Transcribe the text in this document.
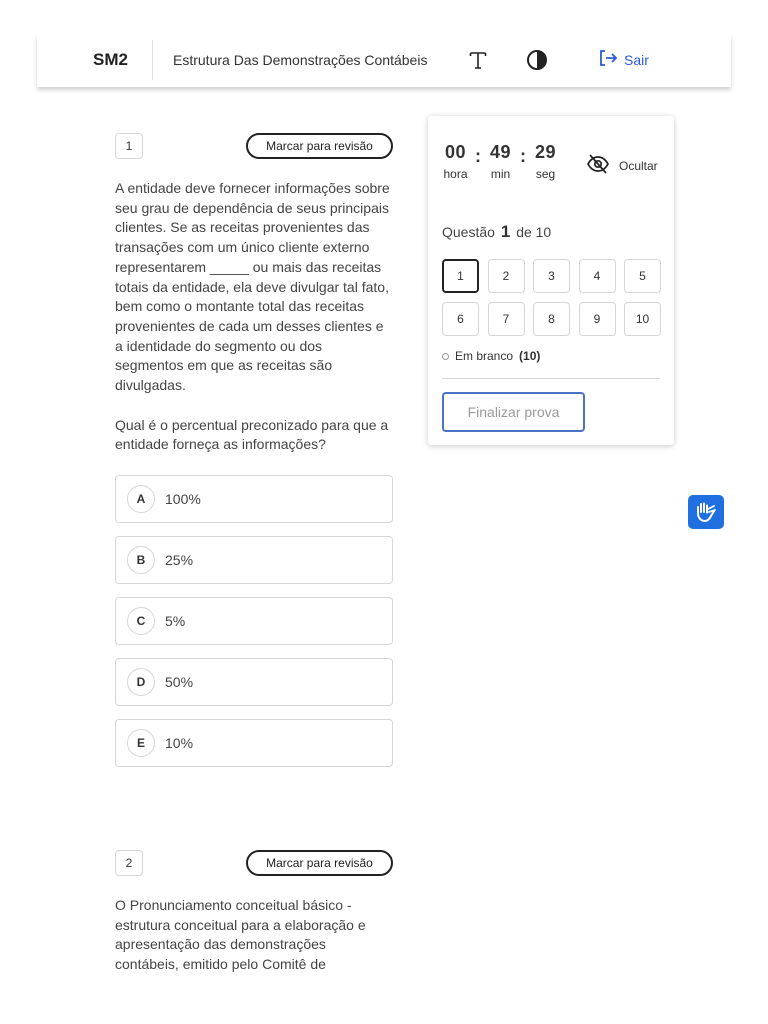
SM2	Estrutura Das Demonstrações Contábeis	Sair
1	Marcar para revisão
A entidade deve fornecer informações sobre seu grau de dependência de seus principais clientes. Se as receitas provenientes das transações com um único cliente externo representarem _____ ou mais das receitas totais da entidade, ela deve divulgar tal fato, bem como o montante total das receitas provenientes de cada um desses clientes e a identidade do segmento ou dos segmentos em que as receitas são divulgadas.
Qual é o percentual preconizado para que a entidade forneça as informações?
A	100%
B	25%
C	5%
D	50%
E	10%
2	Marcar para revisão
O Pronunciamento conceitual básico - estrutura conceitual para a elaboração e apresentação das demonstrações contábeis, emitido pelo Comitê de
00
hora
: 49
min
: 29
seg
Ocultar
Questão 1 de 10
1	2	3	4	5
6	7	8	9	10
Em branco (10)
Finalizar prova
